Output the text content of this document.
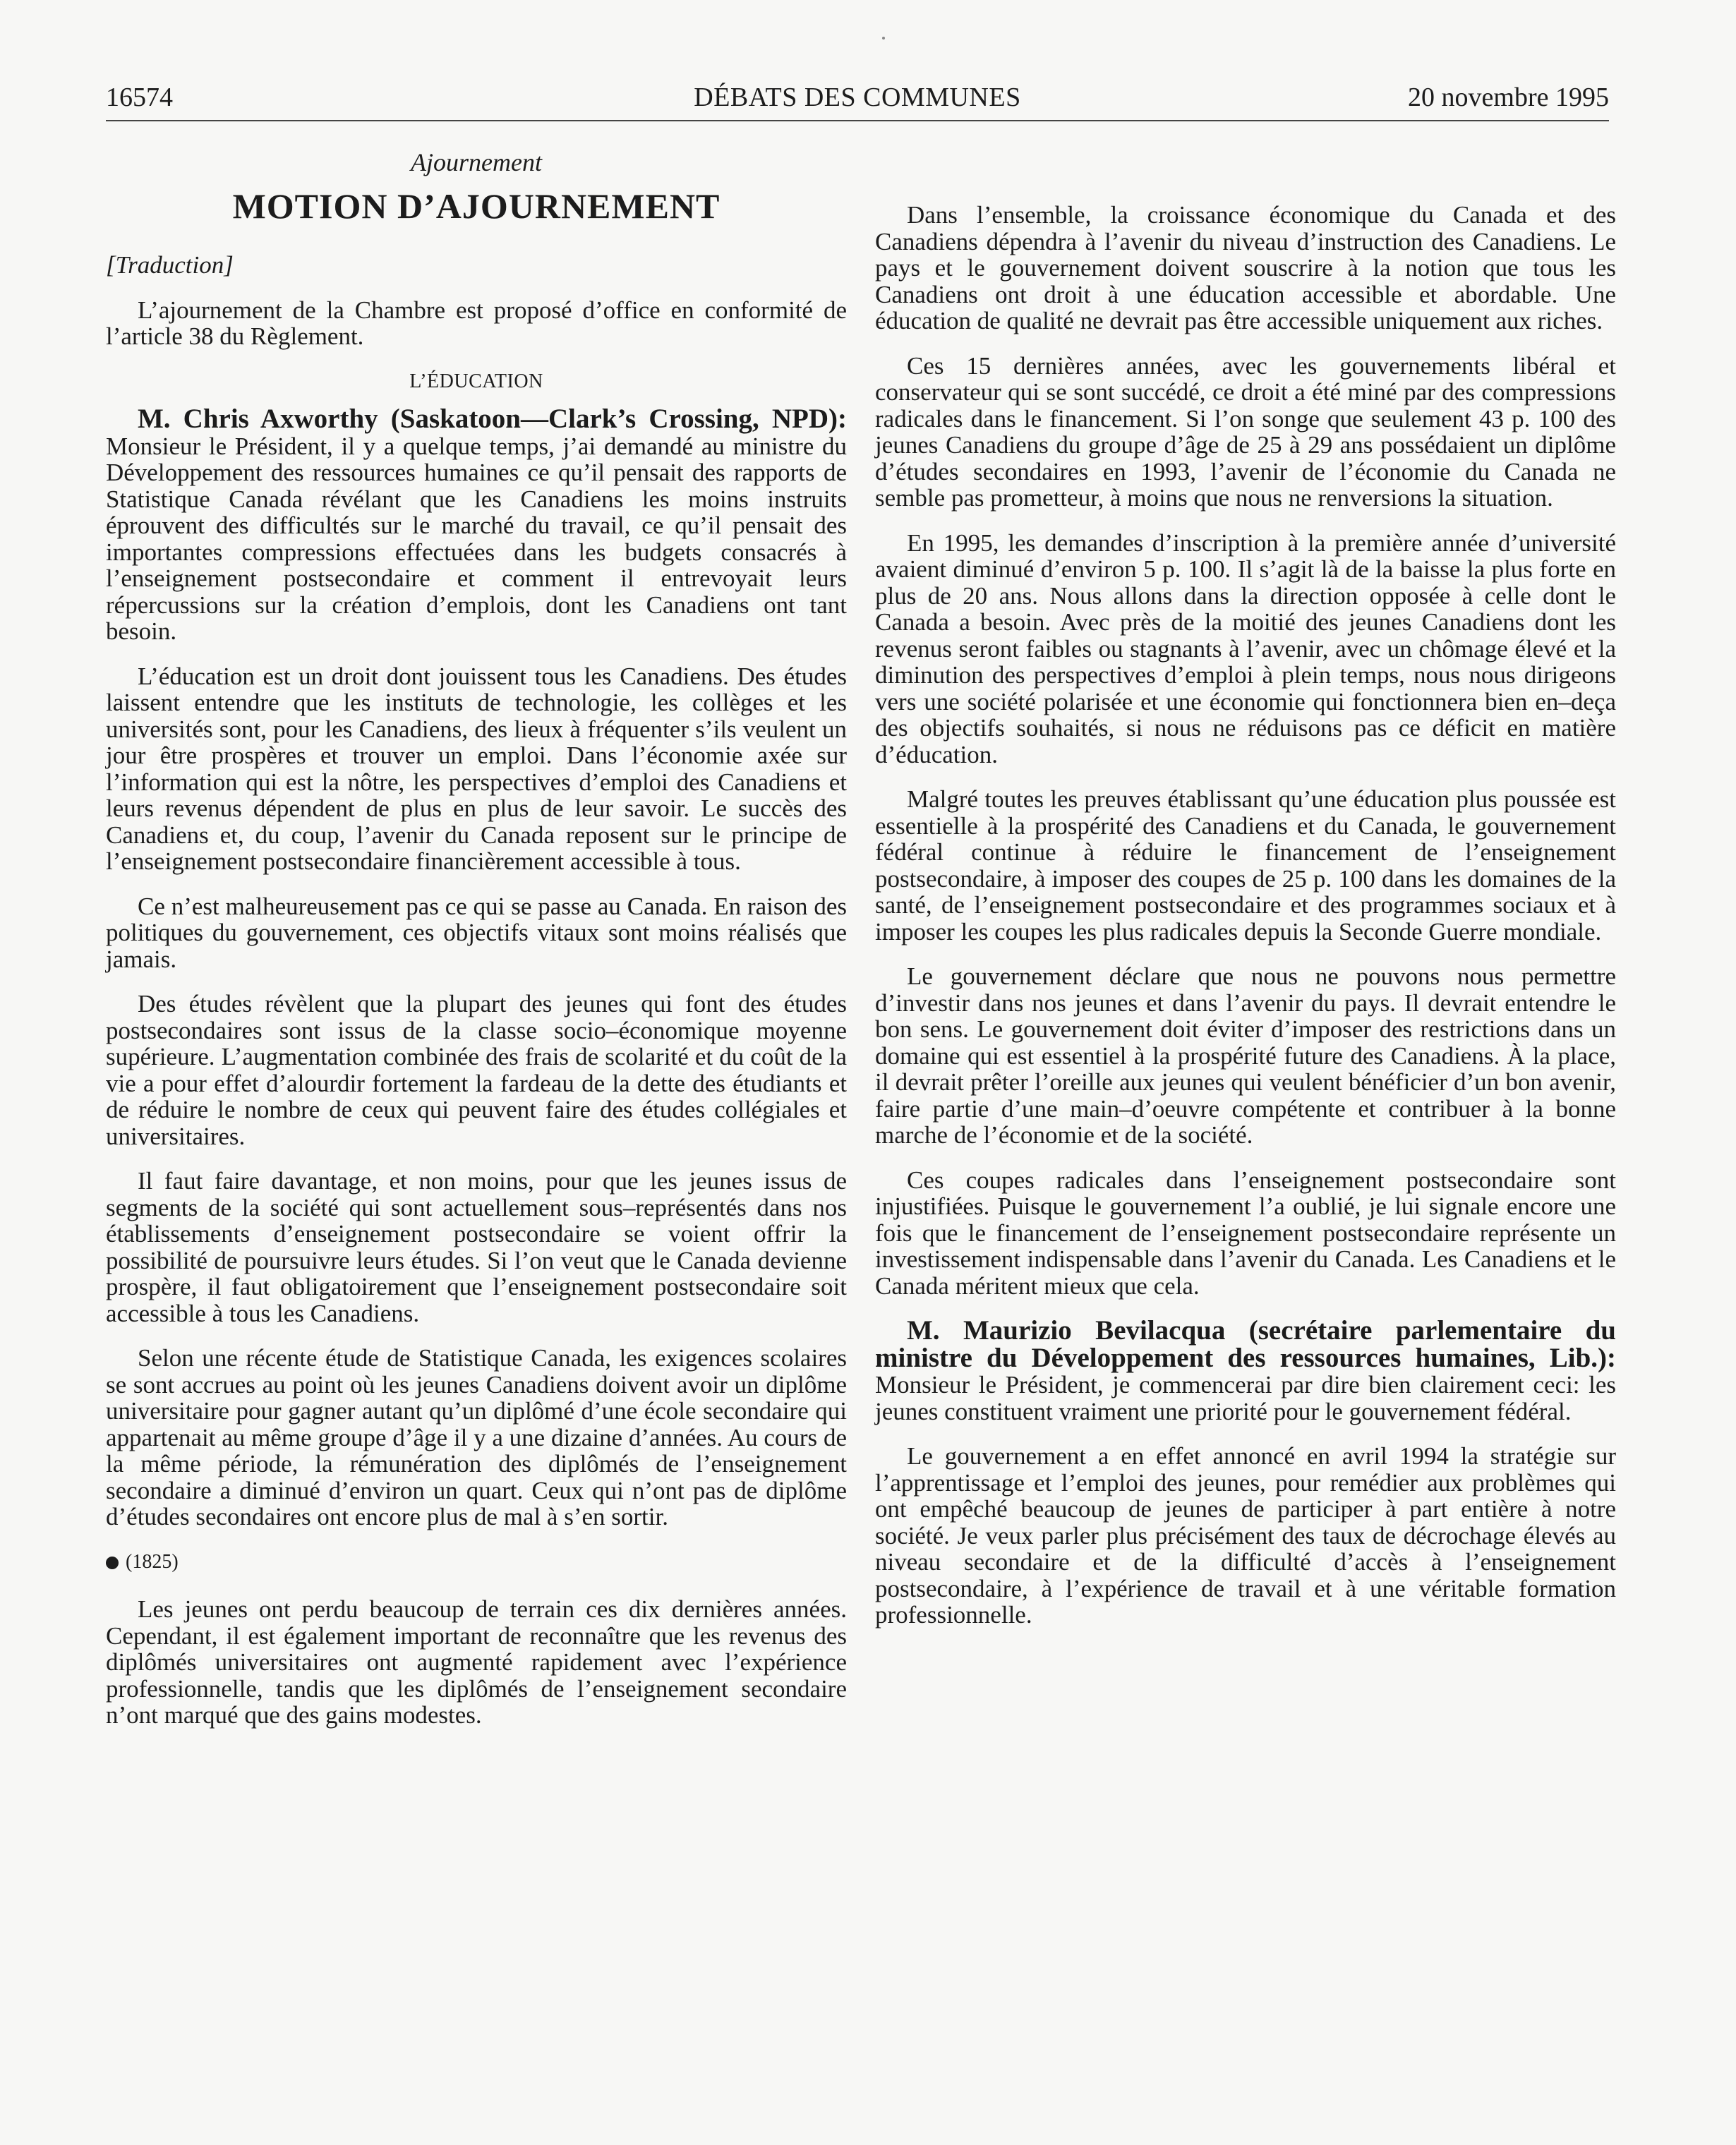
16574	DÉBATS DES COMMUNES	20 novembre 1995
Ajournement
MOTION D’AJOURNEMENT

[Traduction]

L’ajournement de la Chambre est proposé d’office en conformité de l’article 38 du Règlement.

L’ÉDUCATION

M. Chris Axworthy (Saskatoon—Clark’s Crossing, NPD): Monsieur le Président, il y a quelque temps, j’ai demandé au ministre du Développement des ressources humaines ce qu’il pensait des rapports de Statistique Canada révélant que les Canadiens les moins instruits éprouvent des difficultés sur le marché du travail, ce qu’il pensait des importantes compressions effectuées dans les budgets consacrés à l’enseignement postsecondaire et comment il entrevoyait leurs répercussions sur la création d’emplois, dont les Canadiens ont tant besoin.

L’éducation est un droit dont jouissent tous les Canadiens. Des études laissent entendre que les instituts de technologie, les collèges et les universités sont, pour les Canadiens, des lieux à fréquenter s’ils veulent un jour être prospères et trouver un emploi. Dans l’économie axée sur l’information qui est la nôtre, les perspectives d’emploi des Canadiens et leurs revenus dépendent de plus en plus de leur savoir. Le succès des Canadiens et, du coup, l’avenir du Canada reposent sur le principe de l’enseignement postsecondaire financièrement accessible à tous.

Ce n’est malheureusement pas ce qui se passe au Canada. En raison des politiques du gouvernement, ces objectifs vitaux sont moins réalisés que jamais.

Des études révèlent que la plupart des jeunes qui font des études postsecondaires sont issus de la classe socio–économique moyenne supérieure. L’augmentation combinée des frais de scolarité et du coût de la vie a pour effet d’alourdir fortement la fardeau de la dette des étudiants et de réduire le nombre de ceux qui peuvent faire des études collégiales et universitaires.

Il faut faire davantage, et non moins, pour que les jeunes issus de segments de la société qui sont actuellement sous–représentés dans nos établissements d’enseignement postsecondaire se voient offrir la possibilité de poursuivre leurs études. Si l’on veut que le Canada devienne prospère, il faut obligatoirement que l’enseignement postsecondaire soit accessible à tous les Canadiens.

Selon une récente étude de Statistique Canada, les exigences scolaires se sont accrues au point où les jeunes Canadiens doivent avoir un diplôme universitaire pour gagner autant qu’un diplômé d’une école secondaire qui appartenait au même groupe d’âge il y a une dizaine d’années. Au cours de la même période, la rémunération des diplômés de l’enseignement secondaire a diminué d’environ un quart. Ceux qui n’ont pas de diplôme d’études secondaires ont encore plus de mal à s’en sortir.

(1825)

Les jeunes ont perdu beaucoup de terrain ces dix dernières années. Cependant, il est également important de reconnaître que les revenus des diplômés universitaires ont augmenté rapidement avec l’expérience professionnelle, tandis que les diplômés de l’enseignement secondaire n’ont marqué que des gains modestes.

Dans l’ensemble, la croissance économique du Canada et des Canadiens dépendra à l’avenir du niveau d’instruction des Canadiens. Le pays et le gouvernement doivent souscrire à la notion que tous les Canadiens ont droit à une éducation accessible et abordable. Une éducation de qualité ne devrait pas être accessible uniquement aux riches.

Ces 15 dernières années, avec les gouvernements libéral et conservateur qui se sont succédé, ce droit a été miné par des compressions radicales dans le financement. Si l’on songe que seulement 43 p. 100 des jeunes Canadiens du groupe d’âge de 25 à 29 ans possédaient un diplôme d’études secondaires en 1993, l’avenir de l’économie du Canada ne semble pas prometteur, à moins que nous ne renversions la situation.

En 1995, les demandes d’inscription à la première année d’université avaient diminué d’environ 5 p. 100. Il s’agit là de la baisse la plus forte en plus de 20 ans. Nous allons dans la direction opposée à celle dont le Canada a besoin. Avec près de la moitié des jeunes Canadiens dont les revenus seront faibles ou stagnants à l’avenir, avec un chômage élevé et la diminution des perspectives d’emploi à plein temps, nous nous dirigeons vers une société polarisée et une économie qui fonctionnera bien en–deça des objectifs souhaités, si nous ne réduisons pas ce déficit en matière d’éducation.

Malgré toutes les preuves établissant qu’une éducation plus poussée est essentielle à la prospérité des Canadiens et du Canada, le gouvernement fédéral continue à réduire le financement de l’enseignement postsecondaire, à imposer des coupes de 25 p. 100 dans les domaines de la santé, de l’enseignement postsecondaire et des programmes sociaux et à imposer les coupes les plus radicales depuis la Seconde Guerre mondiale.

Le gouvernement déclare que nous ne pouvons nous permettre d’investir dans nos jeunes et dans l’avenir du pays. Il devrait entendre le bon sens. Le gouvernement doit éviter d’imposer des restrictions dans un domaine qui est essentiel à la prospérité future des Canadiens. À la place, il devrait prêter l’oreille aux jeunes qui veulent bénéficier d’un bon avenir, faire partie d’une main–d’oeuvre compétente et contribuer à la bonne marche de l’économie et de la société.

Ces coupes radicales dans l’enseignement postsecondaire sont injustifiées. Puisque le gouvernement l’a oublié, je lui signale encore une fois que le financement de l’enseignement postsecondaire représente un investissement indispensable dans l’avenir du Canada. Les Canadiens et le Canada méritent mieux que cela.

M. Maurizio Bevilacqua (secrétaire parlementaire du ministre du Développement des ressources humaines, Lib.): Monsieur le Président, je commencerai par dire bien clairement ceci: les jeunes constituent vraiment une priorité pour le gouvernement fédéral.

Le gouvernement a en effet annoncé en avril 1994 la stratégie sur l’apprentissage et l’emploi des jeunes, pour remédier aux problèmes qui ont empêché beaucoup de jeunes de participer à part entière à notre société. Je veux parler plus précisément des taux de décrochage élevés au niveau secondaire et de la difficulté d’accès à l’enseignement postsecondaire, à l’expérience de travail et à une véritable formation professionnelle.
